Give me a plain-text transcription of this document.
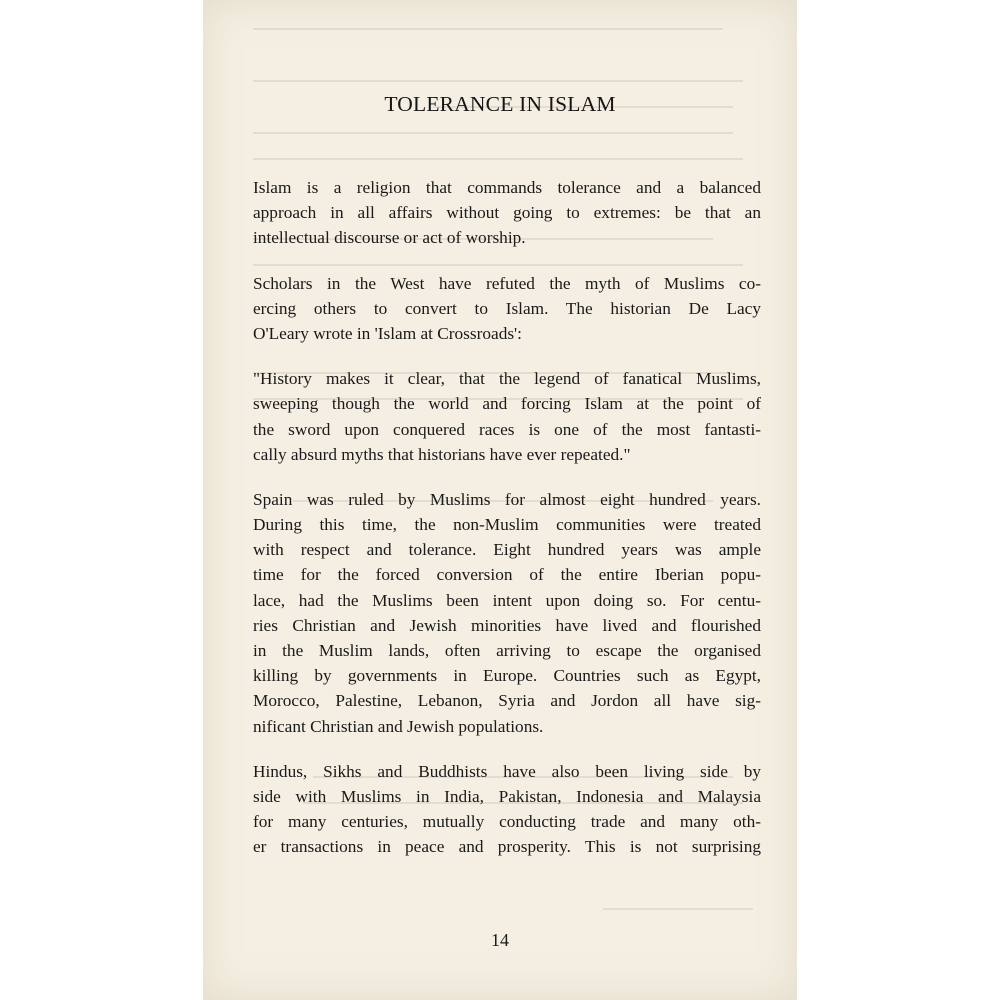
TOLERANCE IN ISLAM
Islam is a religion that commands tolerance and a balanced
approach in all affairs without going to extremes: be that an
intellectual discourse or act of worship.
Scholars in the West have refuted the myth of Muslims co-
ercing others to convert to Islam. The historian De Lacy
O'Leary wrote in 'Islam at Crossroads':
"History makes it clear, that the legend of fanatical Muslims,
sweeping though the world and forcing Islam at the point of
the sword upon conquered races is one of the most fantasti-
cally absurd myths that historians have ever repeated."
Spain was ruled by Muslims for almost eight hundred years.
During this time, the non-Muslim communities were treated
with respect and tolerance. Eight hundred years was ample
time for the forced conversion of the entire Iberian popu-
lace, had the Muslims been intent upon doing so. For centu-
ries Christian and Jewish minorities have lived and flourished
in the Muslim lands, often arriving to escape the organised
killing by governments in Europe. Countries such as Egypt,
Morocco, Palestine, Lebanon, Syria and Jordon all have sig-
nificant Christian and Jewish populations.
Hindus, Sikhs and Buddhists have also been living side by
side with Muslims in India, Pakistan, Indonesia and Malaysia
for many centuries, mutually conducting trade and many oth-
er transactions in peace and prosperity. This is not surprising
14
